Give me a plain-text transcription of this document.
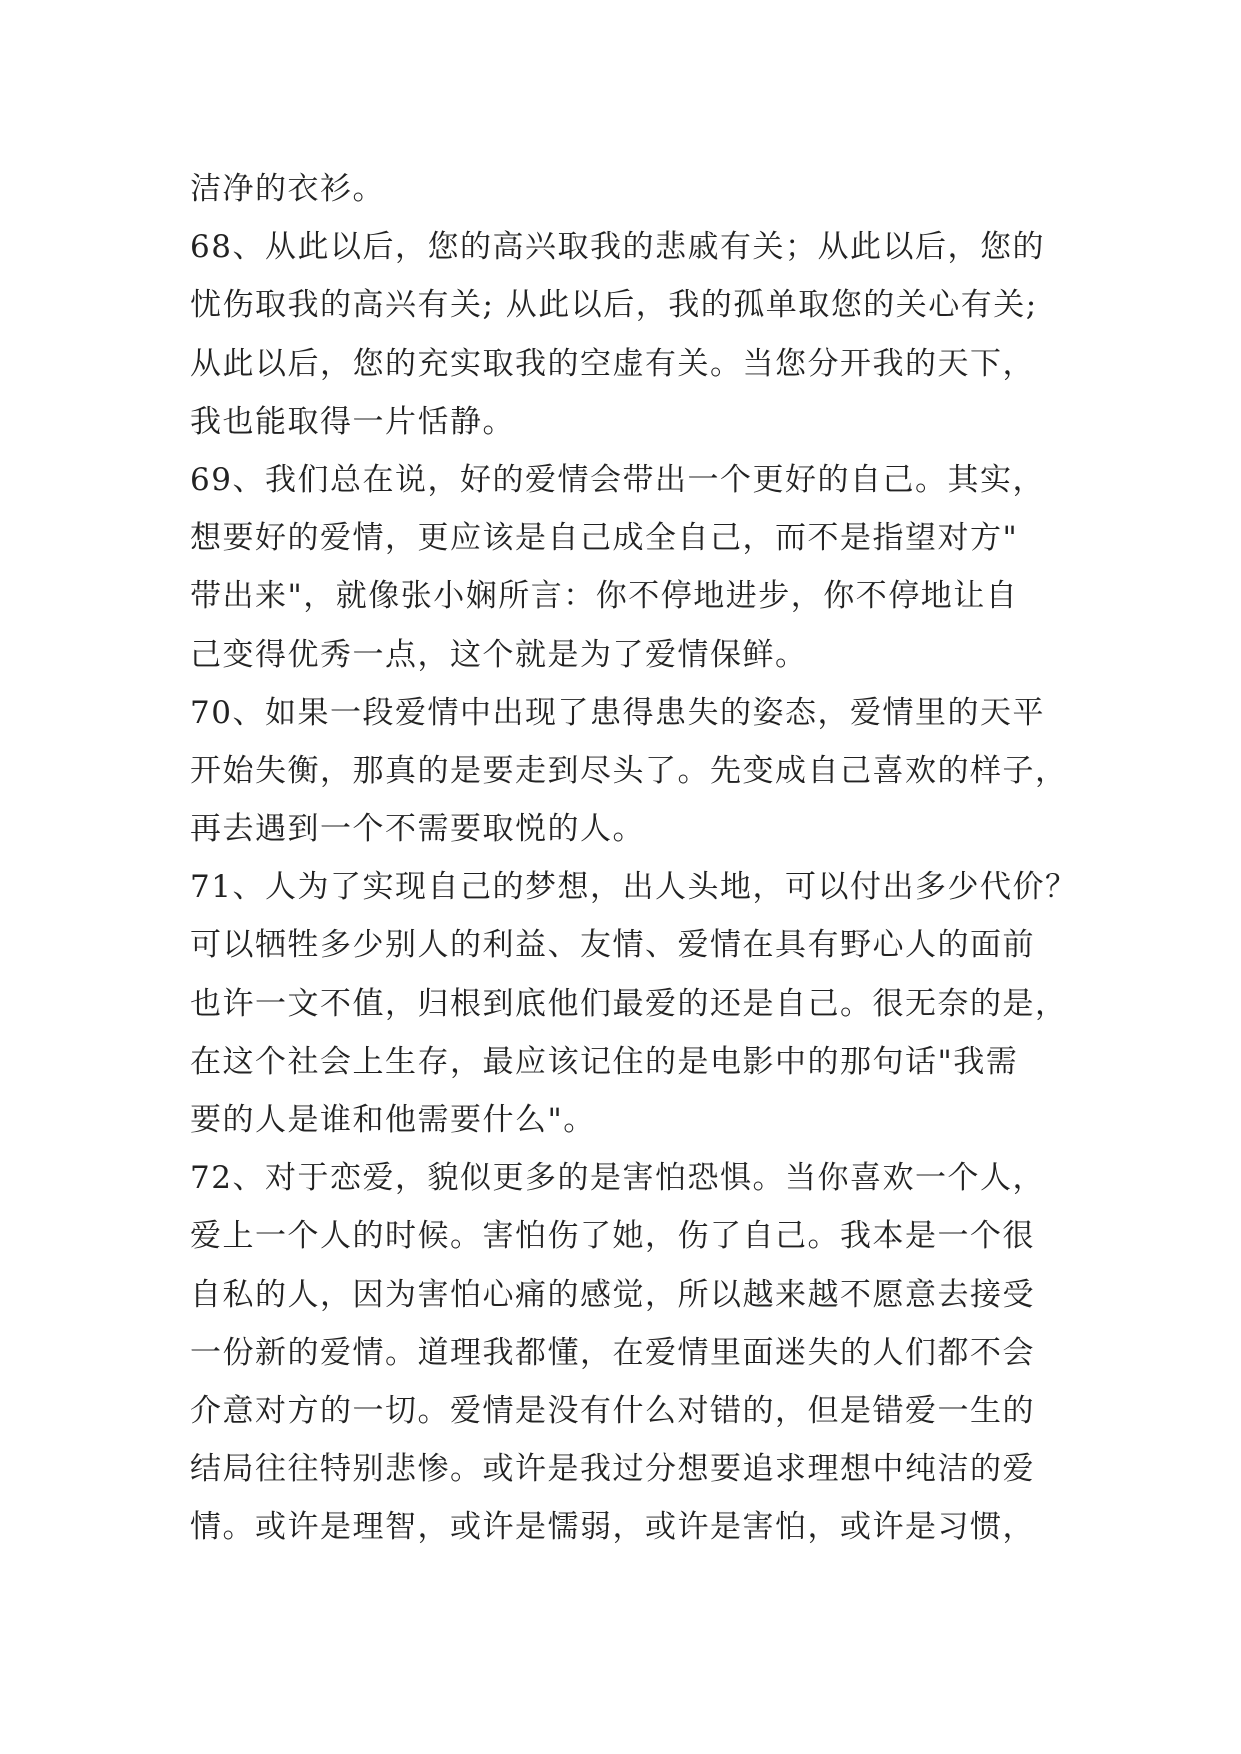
洁净的衣衫。
68、从此以后，您的高兴取我的悲戚有关；从此以后，您的
忧伤取我的高兴有关; 从此以后，我的孤单取您的关心有关;
从此以后，您的充实取我的空虚有关。当您分开我的天下，
我也能取得一片恬静。
69、我们总在说，好的爱情会带出一个更好的自己。其实，
想要好的爱情，更应该是自己成全自己，而不是指望对方"
带出来"，就像张小娴所言：你不停地进步，你不停地让自
己变得优秀一点，这个就是为了爱情保鲜。
70、如果一段爱情中出现了患得患失的姿态，爱情里的天平
开始失衡，那真的是要走到尽头了。先变成自己喜欢的样子，
再去遇到一个不需要取悦的人。
71、人为了实现自己的梦想，出人头地，可以付出多少代价？
可以牺牲多少别人的利益、友情、爱情在具有野心人的面前
也许一文不值，归根到底他们最爱的还是自己。很无奈的是，
在这个社会上生存，最应该记住的是电影中的那句话"我需
要的人是谁和他需要什么"。
72、对于恋爱，貌似更多的是害怕恐惧。当你喜欢一个人，
爱上一个人的时候。害怕伤了她，伤了自己。我本是一个很
自私的人，因为害怕心痛的感觉，所以越来越不愿意去接受
一份新的爱情。道理我都懂，在爱情里面迷失的人们都不会
介意对方的一切。爱情是没有什么对错的，但是错爱一生的
结局往往特别悲惨。或许是我过分想要追求理想中纯洁的爱
情。或许是理智，或许是懦弱，或许是害怕，或许是习惯，
